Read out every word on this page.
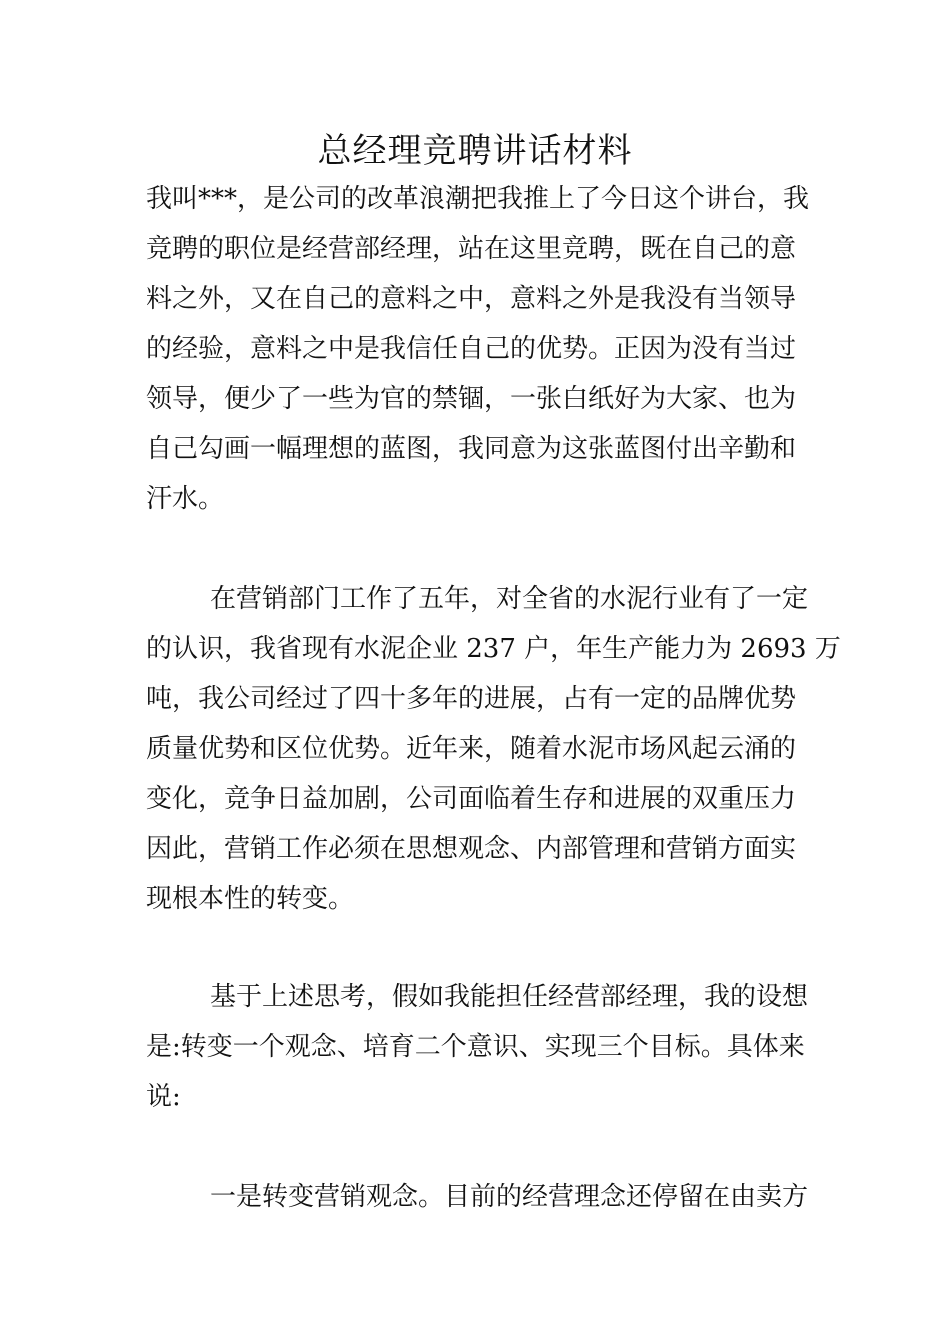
总经理竞聘讲话材料
我叫***，是公司的改革浪潮把我推上了今日这个讲台，我
竞聘的职位是经营部经理，站在这里竞聘，既在自己的意
料之外，又在自己的意料之中，意料之外是我没有当领导
的经验，意料之中是我信任自己的优势。正因为没有当过
领导，便少了一些为官的禁锢，一张白纸好为大家、也为
自己勾画一幅理想的蓝图，我同意为这张蓝图付出辛勤和
汗水。
在营销部门工作了五年，对全省的水泥行业有了一定
的认识，我省现有水泥企业 237 户，年生产能力为 2693 万
吨，我公司经过了四十多年的进展，占有一定的品牌优势
质量优势和区位优势。近年来，随着水泥市场风起云涌的
变化，竞争日益加剧，公司面临着生存和进展的双重压力
因此，营销工作必须在思想观念、内部管理和营销方面实
现根本性的转变。
基于上述思考，假如我能担任经营部经理，我的设想
是:转变一个观念、培育二个意识、实现三个目标。具体来
说:
一是转变营销观念。目前的经营理念还停留在由卖方
